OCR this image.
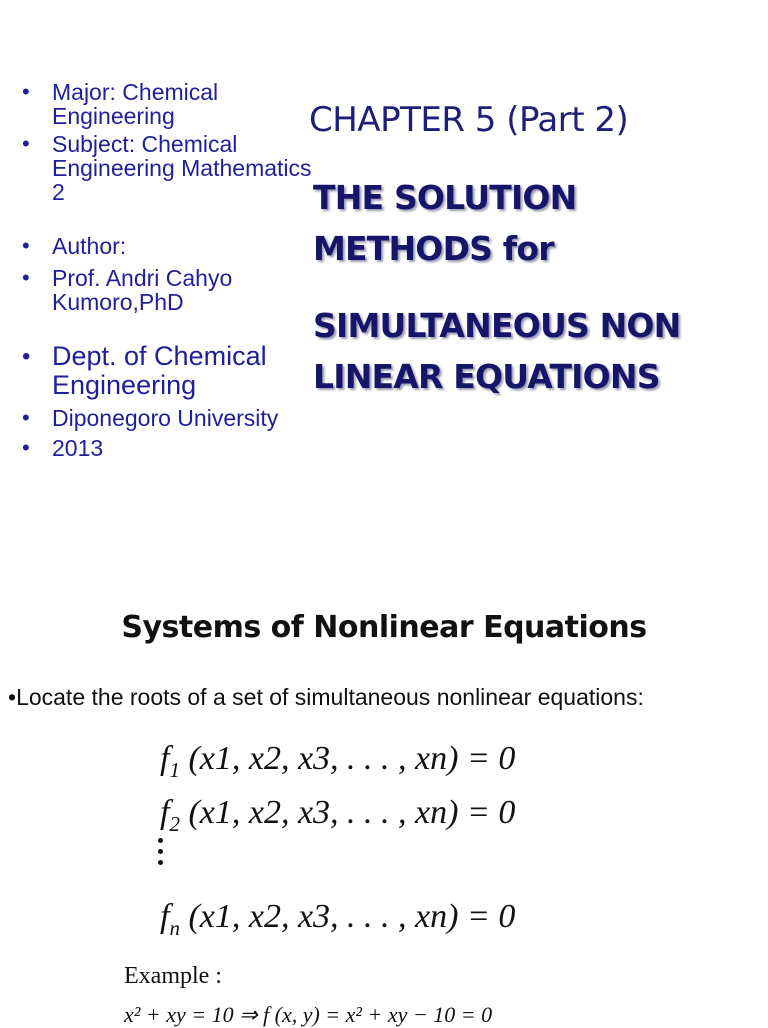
• Major: Chemical Engineering
• Subject: Chemical Engineering Mathematics 2
• Author:
• Prof. Andri Cahyo Kumoro,PhD
• Dept. of Chemical Engineering
• Diponegoro University
• 2013
CHAPTER 5 (Part 2)
THE SOLUTION
METHODS for
SIMULTANEOUS NON
LINEAR EQUATIONS
Systems of Nonlinear Equations
•Locate the roots of a set of simultaneous nonlinear equations:
$f_1$ (x1, x2, x3, . . . , xn) = 0
$f_2$ (x1, x2, x3, . . . , xn) = 0
$f_n$ (x1, x2, x3, . . . , xn) = 0
Example :
x² + xy = 10 ⇒ f (x, y) = x² + xy − 10 = 0
